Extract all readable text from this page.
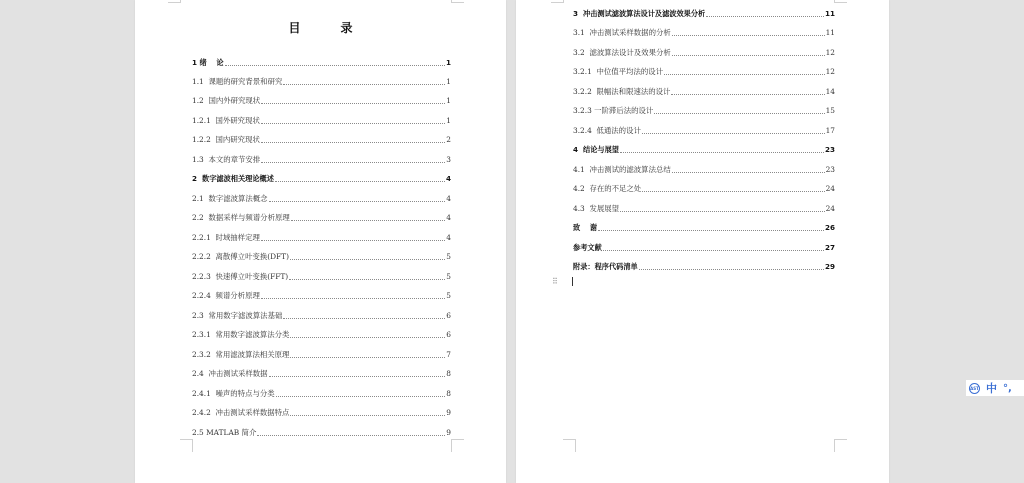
目　录
1 绪　 论	1
1.1  课题的研究背景和研究	1
1.2  国内外研究现状	1
1.2.1  国外研究现状	1
1.2.2  国内研究现状	2
1.3  本文的章节安排	3
2  数字滤波相关理论概述	4
2.1  数字滤波算法概念	4
2.2  数据采样与频谱分析原理	4
2.2.1  时域抽样定理	4
2.2.2  离散傅立叶变换(DFT)	5
2.2.3  快速傅立叶变换(FFT)	5
2.2.4  频谱分析原理	5
2.3  常用数字滤波算法基础	6
2.3.1  常用数字滤波算法分类	6
2.3.2  常用滤波算法相关原理	7
2.4  冲击测试采样数据	8
2.4.1  噪声的特点与分类	8
2.4.2  冲击测试采样数据特点	9
2.5 MATLAB 简介	9
3  冲击测试滤波算法设计及滤波效果分析	11
3.1  冲击测试采样数据的分析	11
3.2  滤波算法设计及效果分析	12
3.2.1  中位值平均法的设计	12
3.2.2  限幅法和限速法的设计	14
3.2.3 一阶滞后法的设计	15
3.2.4  低通法的设计	17
4  结论与展望	23
4.1  冲击测试的滤波算法总结	23
4.2  存在的不足之处	24
4.3  发展展望	24
致　 谢	26
参考文献	27
附录：程序代码清单	29
⠿
AST 中 °,
